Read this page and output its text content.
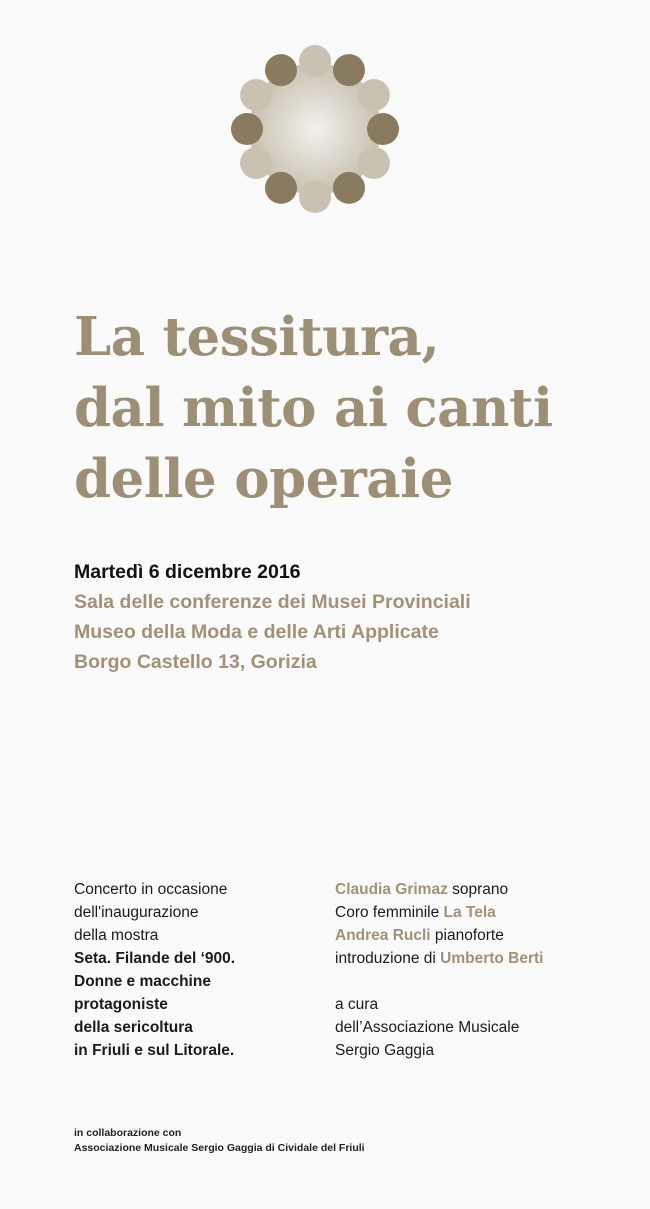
La tessitura,
dal mito ai canti
delle operaie
Martedì 6 dicembre 2016
Sala delle conferenze dei Musei Provinciali
Museo della Moda e delle Arti Applicate
Borgo Castello 13, Gorizia
Concerto in occasione
dell'inaugurazione
della mostra
Seta. Filande del ‘900.
Donne e macchine
protagoniste
della sericoltura
in Friuli e sul Litorale.
Claudia Grimaz soprano
Coro femminile La Tela
Andrea Rucli pianoforte
introduzione di Umberto Berti
a cura
dell’Associazione Musicale
Sergio Gaggia
in collaborazione con
Associazione Musicale Sergio Gaggia di Cividale del Friuli
